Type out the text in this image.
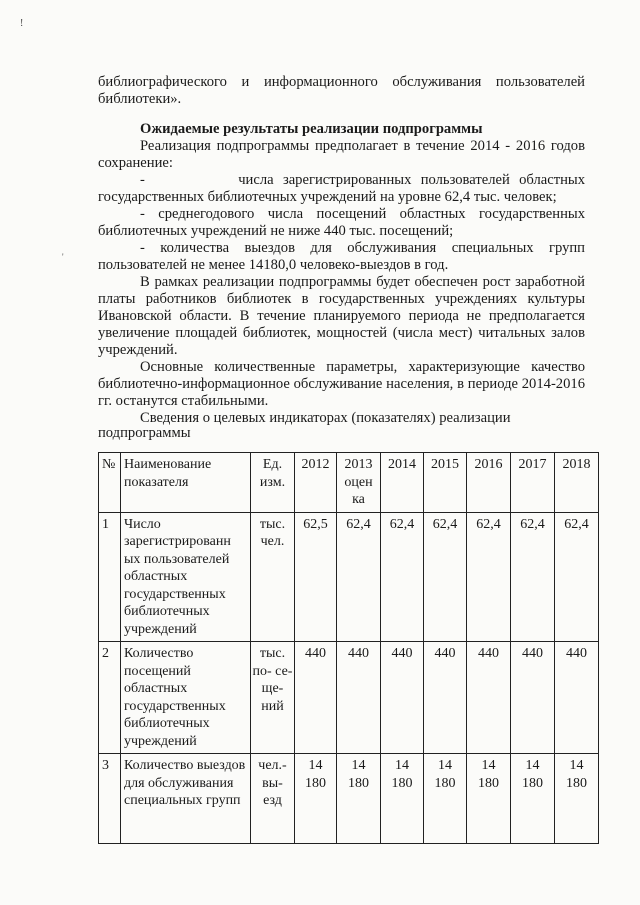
!
'

библиографического и информационного обслуживания пользователей

библиотеки».

Ожидаемые результаты реализации подпрограммы

Реализация подпрограммы предполагает в течение 2014 - 2016 годов сохранение:

-          числа зарегистрированных пользователей областных

государственных библиотечных учреждений на уровне 62,4 тыс. человек;

- среднегодового числа посещений областных государственных

библиотечных учреждений не ниже 440 тыс. посещений;

- количества выездов для обслуживания специальных групп

пользователей не менее 14180,0 человеко-выездов в год.

В рамках реализации подпрограммы будет обеспечен рост заработной платы работников библиотек в государственных учреждениях культуры Ивановской области. В течение планируемого периода не предполагается увеличение площадей библиотек, мощностей (числа мест) читальных залов учреждений.

Основные количественные параметры, характеризующие качество библиотечно-информационное обслуживание населения, в периоде 2014-2016 гг. останутся стабильными.

Сведения о целевых индикаторах (показателях) реализации

подпрограммы

№	Наименование показателя	Ед. изм.	2012	2013 оцен ка	2014	2015	2016	2017	2018
1	Число зарегистрированн ых пользователей областных государственных библиотечных учреждений	тыс. чел.	62,5	62,4	62,4	62,4	62,4	62,4	62,4
2	Количество посещений областных государственных библиотечных учреждений	тыс. по- се- ще- ний	440	440	440	440	440	440	440
3	Количество выездов для обслуживания специальных групп	чел.- вы- езд	14 180	14 180	14 180	14 180	14 180	14 180	14 180
